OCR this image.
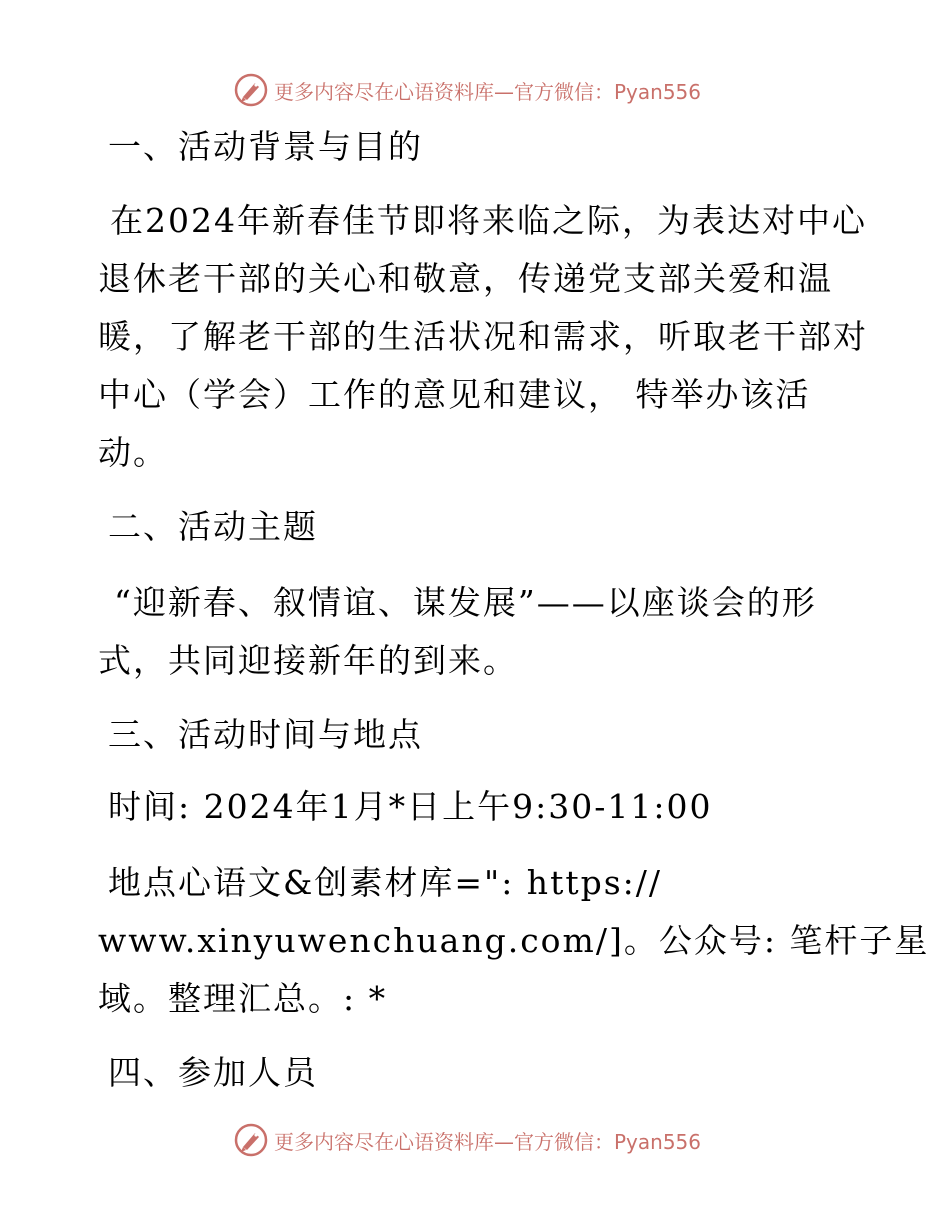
更多内容尽在心语资料库—官方微信：Pyan556
一、活动背景与目的
在2024年新春佳节即将来临之际，为表达对中心
退休老干部的关心和敬意，传递党支部关爱和温
暖，了解老干部的生活状况和需求，听取老干部对
中心（学会）工作的意见和建议， 特举办该活
动。
二、活动主题
“迎新春、叙情谊、谋发展”——以座谈会的形
式，共同迎接新年的到来。
三、活动时间与地点
时间: 2024年1月*日上午9:30-11:00
地点心语文&创素材库=": https://
www.xinyuwenchuang.com/]。公众号: 笔杆子星
域。整理汇总。: *
四、参加人员
更多内容尽在心语资料库—官方微信：Pyan556
